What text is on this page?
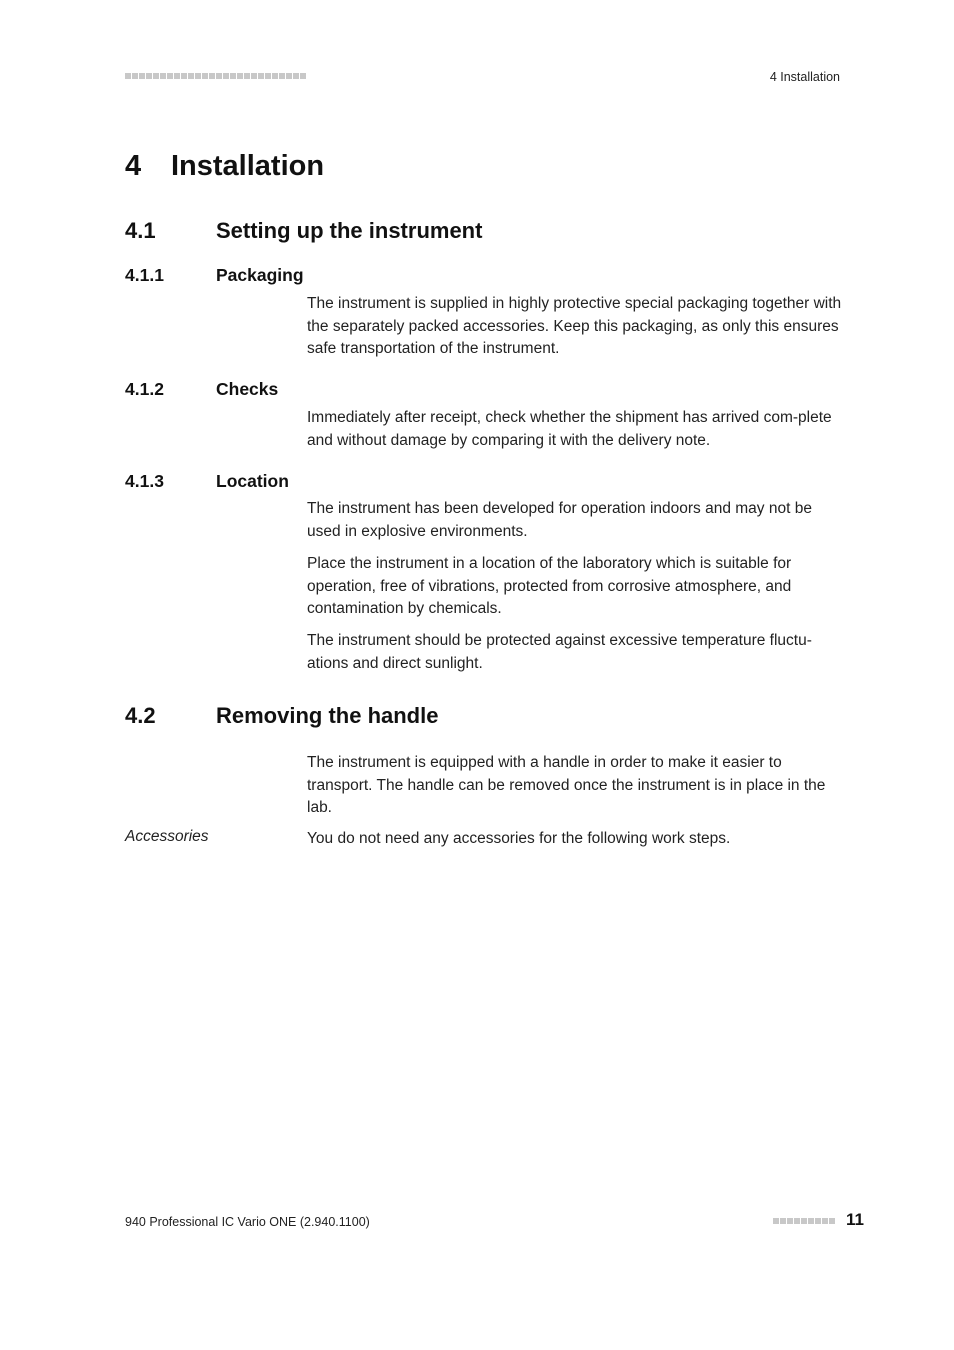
4 Installation
4 Installation
4.1	Setting up the instrument
4.1.1	Packaging
The instrument is supplied in highly protective special packaging together with the separately packed accessories. Keep this packaging, as only this ensures safe transportation of the instrument.
4.1.2	Checks
Immediately after receipt, check whether the shipment has arrived com-plete and without damage by comparing it with the delivery note.
4.1.3	Location
The instrument has been developed for operation indoors and may not be used in explosive environments.
Place the instrument in a location of the laboratory which is suitable for operation, free of vibrations, protected from corrosive atmosphere, and contamination by chemicals.
The instrument should be protected against excessive temperature fluctu-ations and direct sunlight.
4.2	Removing the handle
The instrument is equipped with a handle in order to make it easier to transport. The handle can be removed once the instrument is in place in the lab.
Accessories	You do not need any accessories for the following work steps.
940 Professional IC Vario ONE (2.940.1100)	11
